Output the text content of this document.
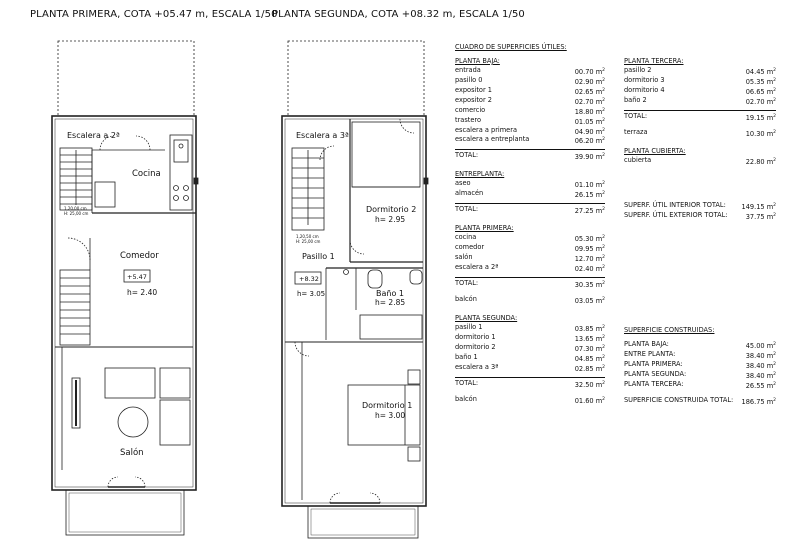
Escalera a 2ª
Cocina
Comedor
+5.47
h= 2.40
Salón
1,20,00 cm
H: 25,00 cm
Escalera a 3ª
Dormitorio 2
h= 2.95
Pasillo 1
+8.32
h= 3.05	Baño 1
h= 2.85
Dormitorio 1
h= 3.00
1,20,50 cm
H: 25,00 cm
PLANTA PRIMERA, COTA +05.47 m, ESCALA 1/50
PLANTA SEGUNDA, COTA +08.32 m, ESCALA 1/50
CUADRO DE SUPERFICIES ÚTILES:
PLANTA BAJA:
entrada	00.70 $m^2$
pasillo 0	02.90 $m^2$
expositor 1	02.65 $m^2$
expositor 2	02.70 $m^2$
comercio	18.80 $m^2$
trastero	01.05 $m^2$
escalera a primera	04.90 $m^2$
escalera a entreplanta	06.20 $m^2$
TOTAL:	39.90 $m^2$
ENTREPLANTA:
aseo	01.10 $m^2$
almacén	26.15 $m^2$
TOTAL:	27.25 $m^2$
PLANTA PRIMERA:
cocina	05.30 $m^2$
comedor	09.95 $m^2$
salón	12.70 $m^2$
escalera a 2ª	02.40 $m^2$
TOTAL:	30.35 $m^2$
balcón	03.05 $m^2$
PLANTA SEGUNDA:
pasillo 1	03.85 $m^2$
dormitorio 1	13.65 $m^2$
dormitorio 2	07.30 $m^2$
baño 1	04.85 $m^2$
escalera a 3ª	02.85 $m^2$
TOTAL:	32.50 $m^2$
balcón	01.60 $m^2$
PLANTA TERCERA:
pasillo 2	04.45 $m^2$
dormitorio 3	05.35 $m^2$
dormitorio 4	06.65 $m^2$
baño 2	02.70 $m^2$
TOTAL:	19.15 $m^2$
terraza	10.30 $m^2$
PLANTA CUBIERTA:
cubierta	22.80 $m^2$
SUPERF. ÚTIL INTERIOR TOTAL: 149.15 $m^2$
SUPERF. ÚTIL EXTERIOR TOTAL:	37.75 $m^2$
SUPERFICIE CONSTRUIDAS:
PLANTA BAJA:	45.00 $m^2$
ENTRE PLANTA:	38.40 $m^2$
PLANTA PRIMERA:	38.40 $m^2$
PLANTA SEGUNDA:	38.40 $m^2$
PLANTA TERCERA:	26.55 $m^2$
SUPERFICIE CONSTRUIDA TOTAL: 186.75 $m^2$
